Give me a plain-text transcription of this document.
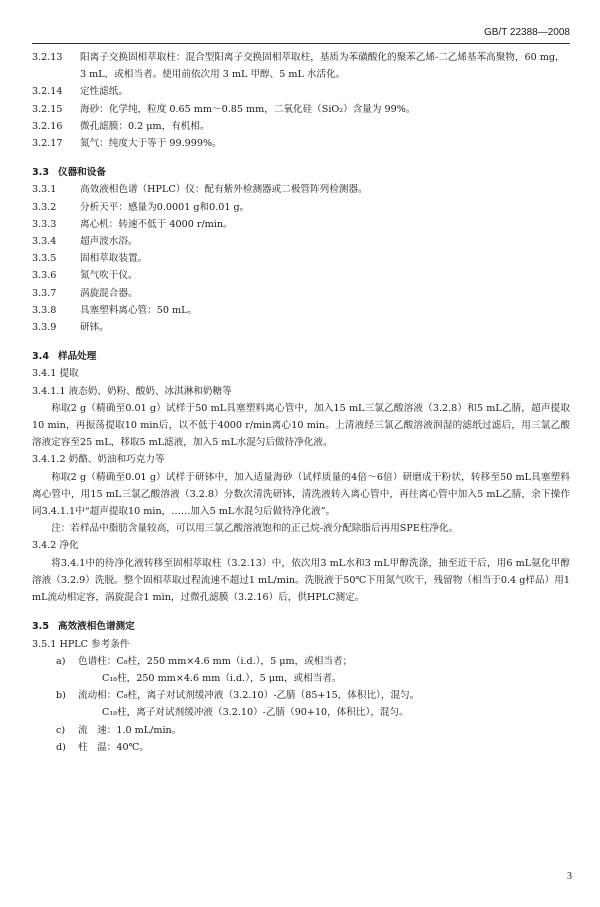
GB/T 22388—2008
3.2.13	阳离子交换固相萃取柱：混合型阳离子交换固相萃取柱，基质为苯磺酸化的聚苯乙烯-二乙烯基苯高聚物，60 mg，3 mL，或相当者。使用前依次用 3 mL 甲醇、5 mL 水活化。
3.2.14	定性滤纸。
3.2.15	海砂：化学纯，粒度 0.65 mm～0.85 mm，二氧化硅（SiO₂）含量为 99%。
3.2.16	微孔滤膜：0.2 μm，有机相。
3.2.17	氮气：纯度大于等于 99.999%。
3.3 仪器和设备
3.3.1	高效液相色谱（HPLC）仪：配有紫外检测器或二极管阵列检测器。
3.3.2	分析天平：感量为0.0001 g和0.01 g。
3.3.3	离心机：转速不低于 4000 r/min。
3.3.4	超声波水浴。
3.3.5	固相萃取装置。
3.3.6	氮气吹干仪。
3.3.7	涡旋混合器。
3.3.8	具塞塑料离心管：50 mL。
3.3.9	研钵。
3.4 样品处理
3.4.1 提取
3.4.1.1 液态奶、奶粉、酸奶、冰淇淋和奶糖等
称取2 g（精确至0.01 g）试样于50 mL具塞塑料离心管中，加入15 mL三氯乙酸溶液（3.2.8）和5 mL乙腈，超声提取10 min，再振荡提取10 min后，以不低于4000 r/min离心10 min。上清液经三氯乙酸溶液润湿的滤纸过滤后，用三氯乙酸溶液定容至25 mL，移取5 mL滤液，加入5 mL水混匀后做待净化液。
3.4.1.2 奶酪、奶油和巧克力等
称取2 g（精确至0.01 g）试样于研钵中，加入适量海砂（试样质量的4倍～6倍）研磨成干粉状，转移至50 mL具塞塑料离心管中，用15 mL三氯乙酸溶液（3.2.8）分数次清洗研钵，清洗液转入离心管中，再往离心管中加入5 mL乙腈，余下操作同3.4.1.1中“超声提取10 min，……加入5 mL水混匀后做待净化液”。
注：若样品中脂肪含量较高，可以用三氯乙酸溶液饱和的正己烷-液分配除脂后再用SPE柱净化。
3.4.2 净化
将3.4.1中的待净化液转移至固相萃取柱（3.2.13）中，依次用3 mL水和3 mL甲醇洗涤，抽至近干后，用6 mL氨化甲醇溶液（3.2.9）洗脱。整个固相萃取过程流速不超过1 mL/min。洗脱液于50℃下用氮气吹干，残留物（相当于0.4 g样品）用1 mL流动相定容，涡旋混合1 min，过微孔滤膜（3.2.16）后，供HPLC测定。
3.5 高效液相色谱测定
3.5.1 HPLC 参考条件
a)	色谱柱： C₈柱，250 mm×4.6 mm（i.d.），5 μm，或相当者；
C₁₈柱，250 mm×4.6 mm（i.d.），5 μm，或相当者。
b)	流动相： C₈柱，离子对试剂缓冲液（3.2.10）-乙腈（85+15，体积比），混匀。
C₁₈柱，离子对试剂缓冲液（3.2.10）-乙腈（90+10，体积比），混匀。
c)	流　速： 1.0 mL/min。
d)	柱　温： 40℃。
3
